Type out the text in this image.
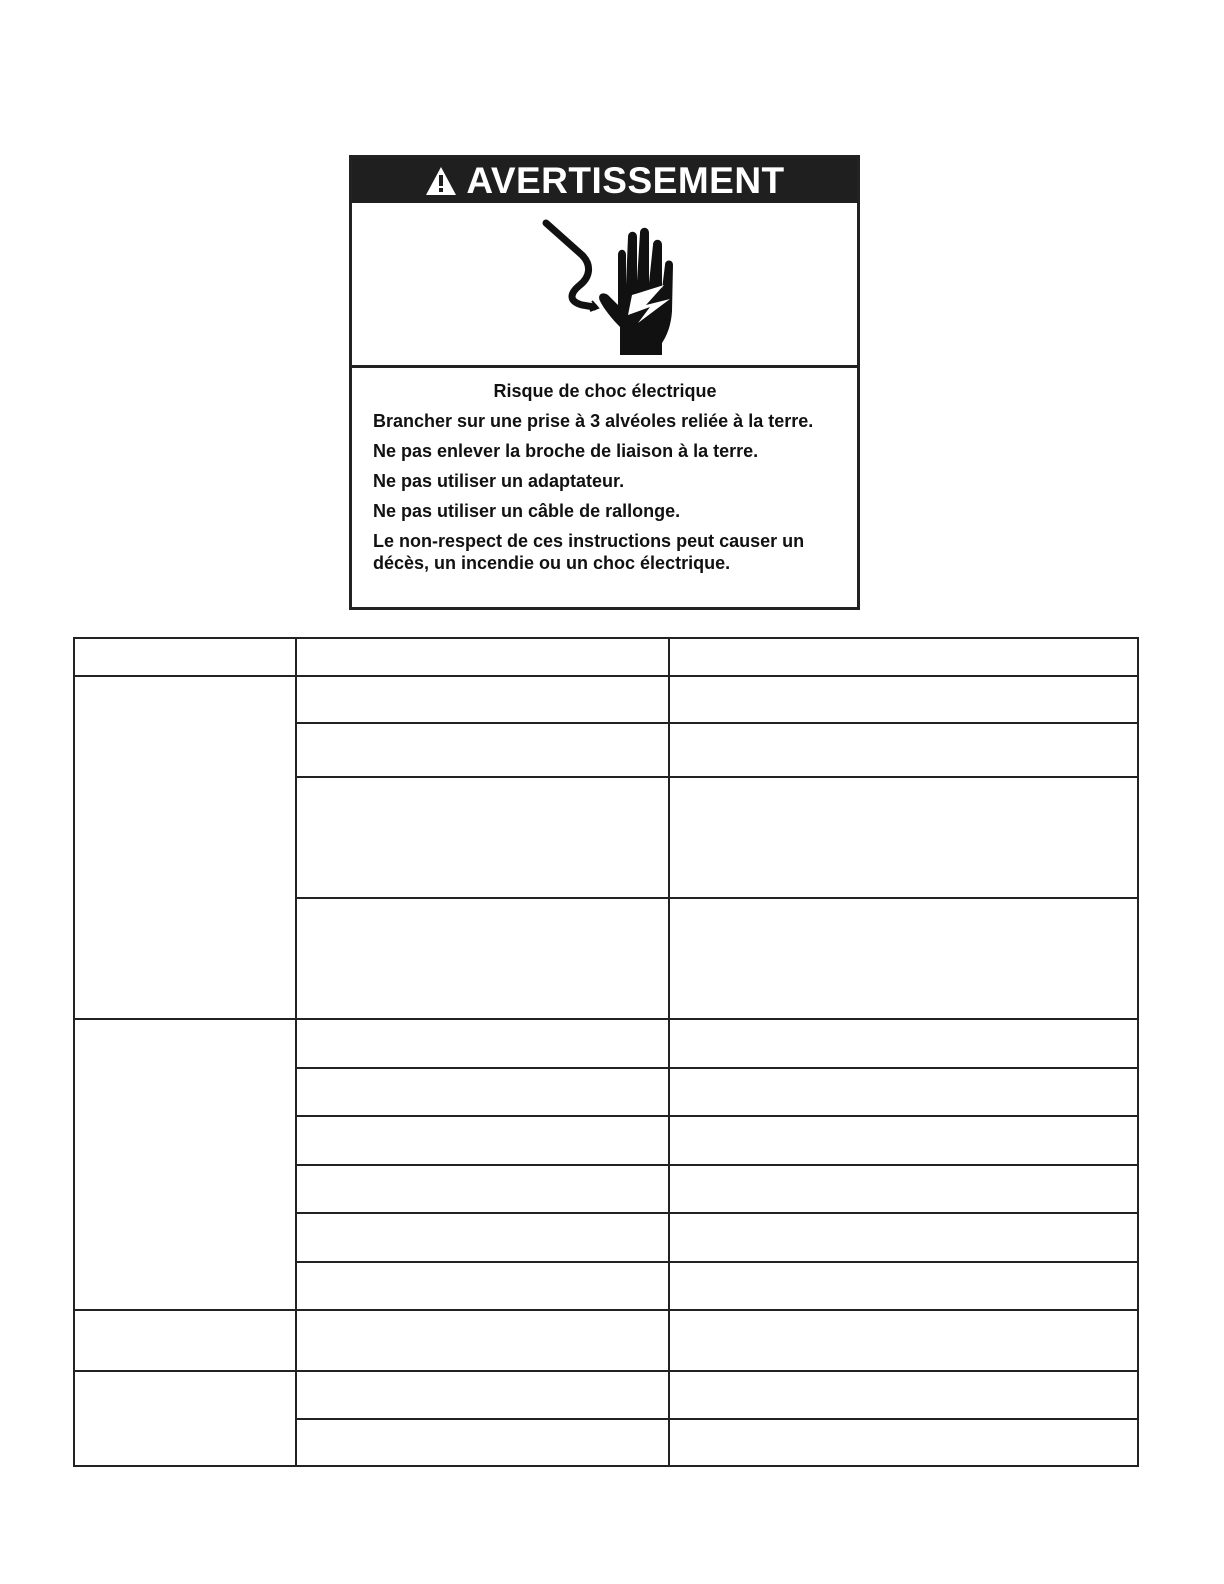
AVERTISSEMENT

Risque de choc électrique

Brancher sur une prise à 3 alvéoles reliée à la terre.

Ne pas enlever la broche de liaison à la terre.

Ne pas utiliser un adaptateur.

Ne pas utiliser un câble de rallonge.

Le non-respect de ces instructions peut causer un décès, un incendie ou un choc électrique.
